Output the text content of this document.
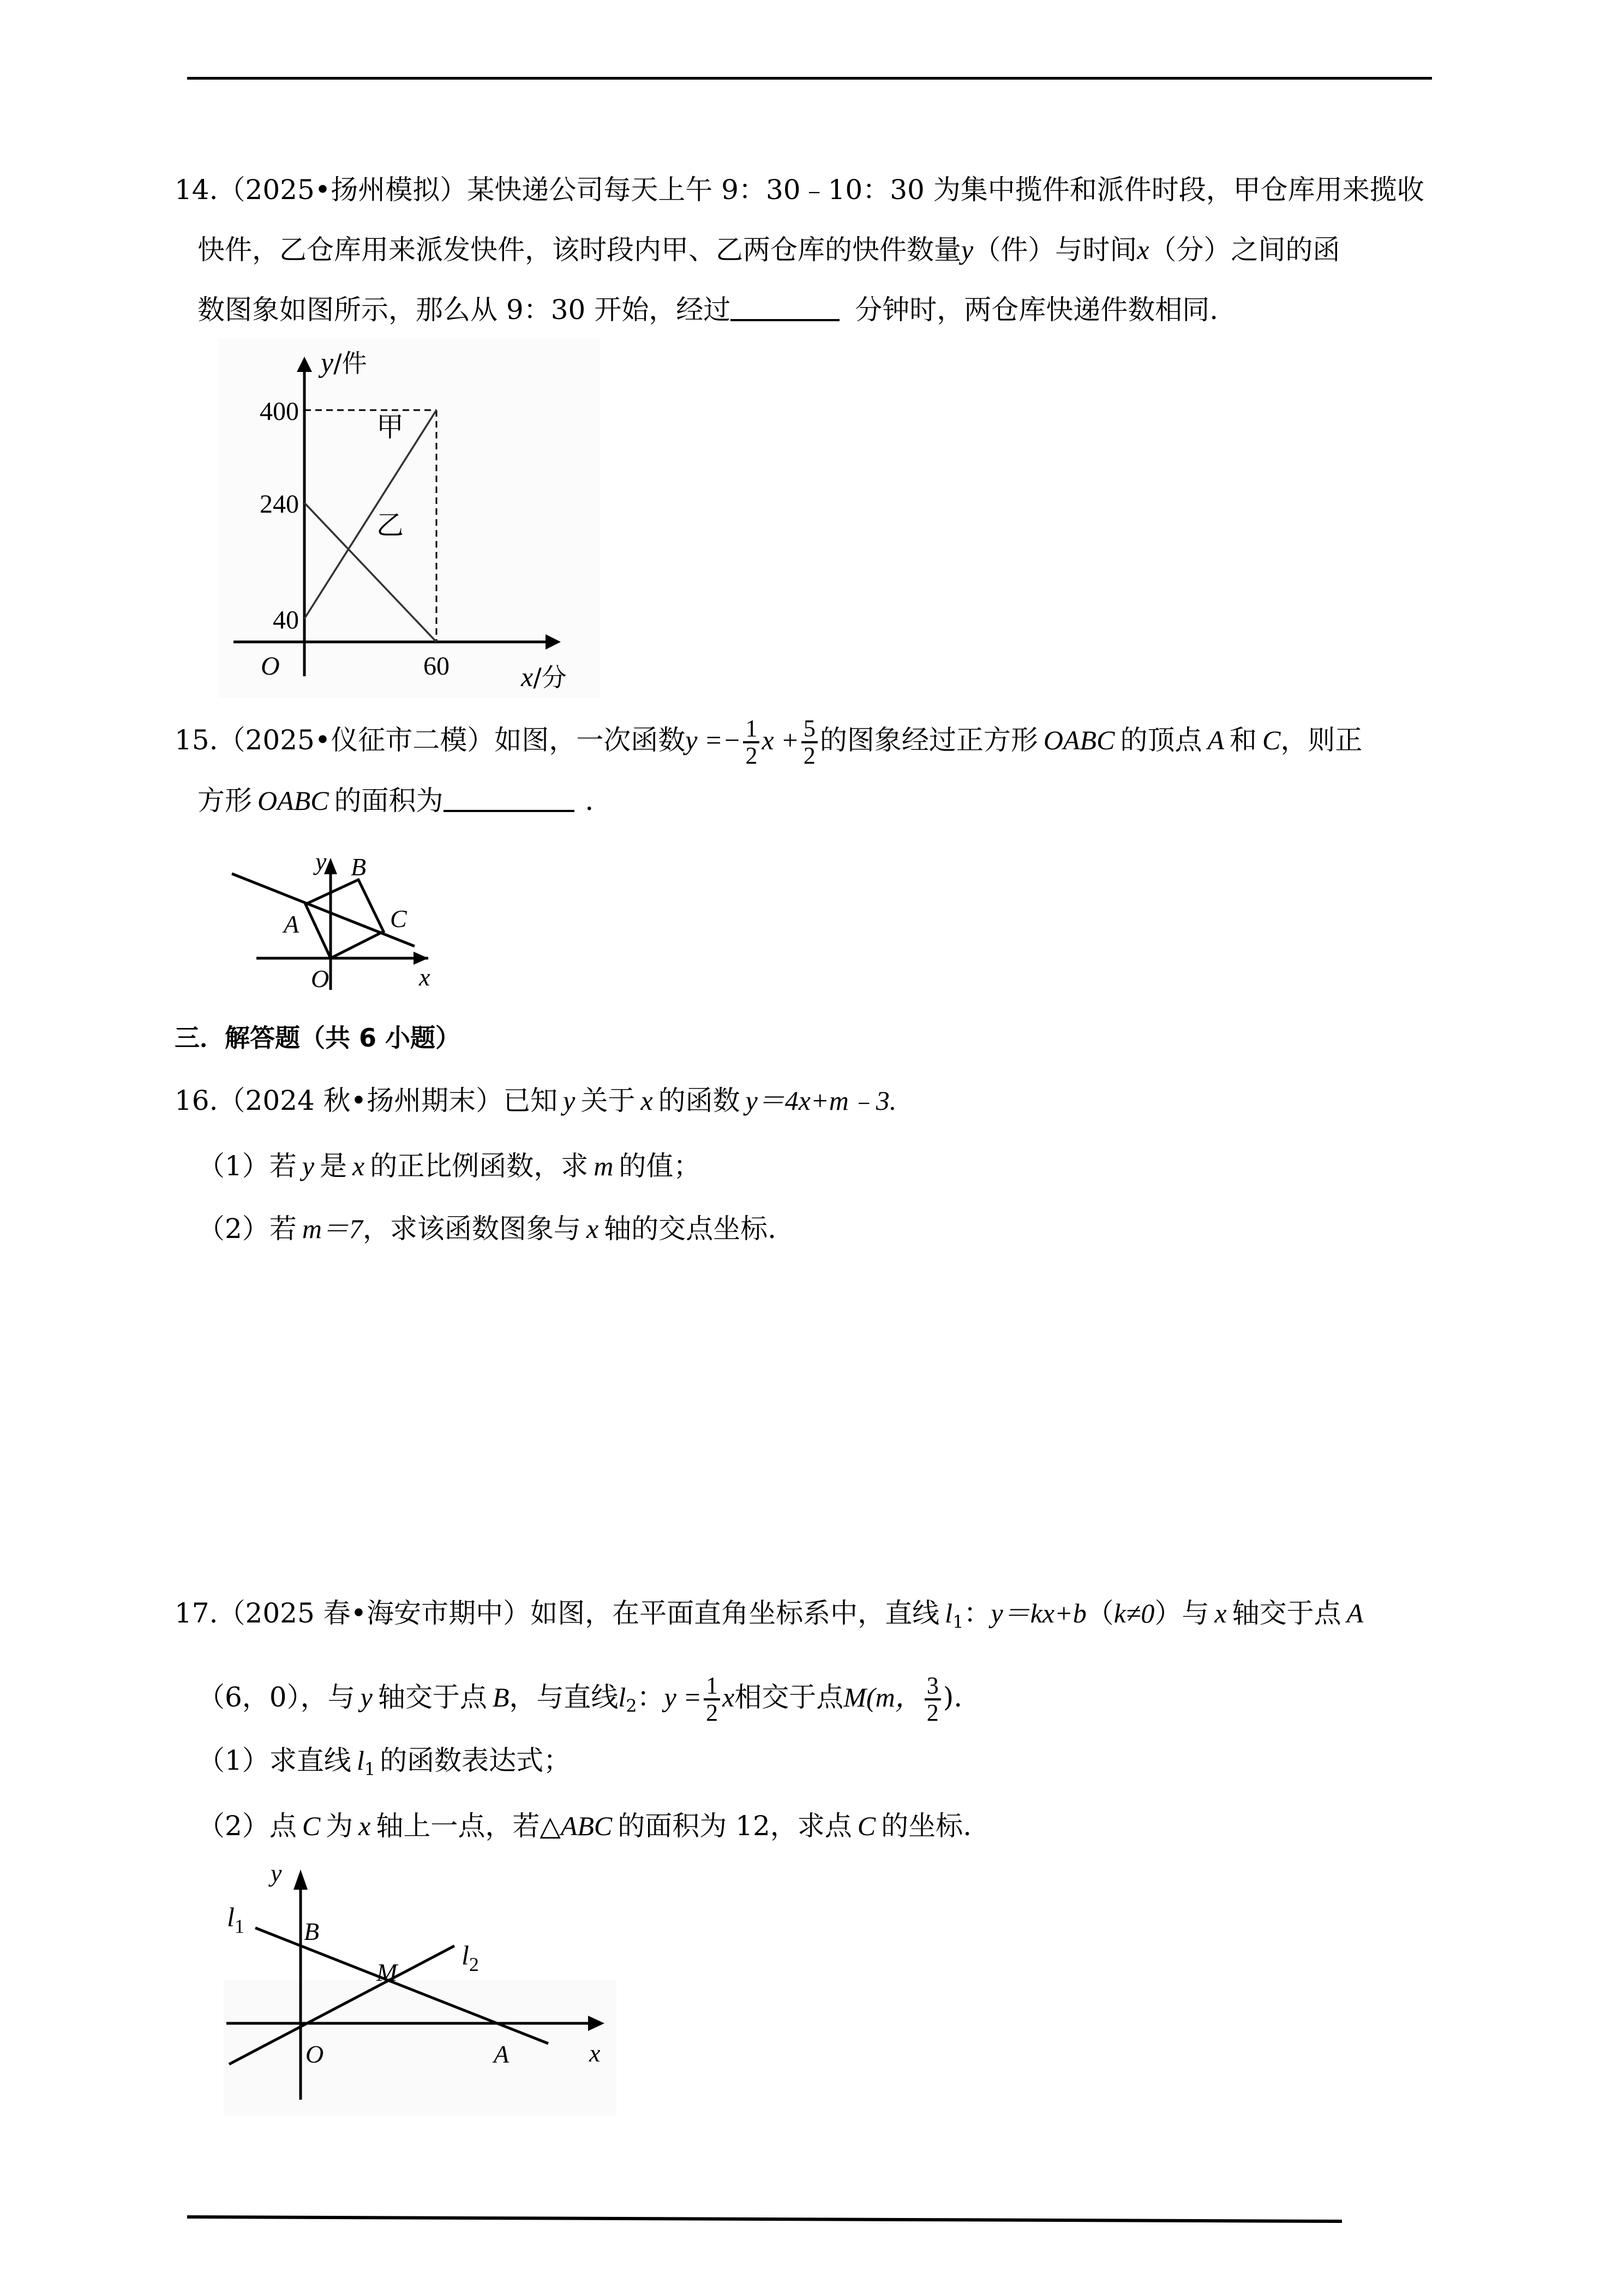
14.（2025•扬州模拟）某快递公司每天上午 9：30﹣10：30 为集中揽件和派件时段，甲仓库用来揽收
快件，乙仓库用来派发快件，该时段内甲、乙两仓库的快件数量y（件）与时间x（分）之间的函
数图象如图所示，那么从 9：30 开始，经过	分钟时，两仓库快递件数相同.
40
240
400
60
y/件
x/分
O
甲
乙
15.（2025•仪征市二模）如图，一次函数$y =- \frac{1}{2}$ $x + \frac{5}{2}$ 的图象经过正方形 OABC 的顶点 A 和 C，则正
方形 OABC 的面积为	．
y B
A	C
O	x
三．解答题（共 6 小题）
16.（2024 秋•扬州期末）已知 y 关于 x 的函数 y＝4x+m﹣3.
（1）若 y 是 x 的正比例函数，求 m 的值；
（2）若 m＝7，求该函数图象与 x 轴的交点坐标.
17.（2025 春•海安市期中）如图，在平面直角坐标系中，直线 $l_1$：y＝kx+b（k≠0）与 x 轴交于点 A
（6，0），与 y 轴交于点 B，与直线$l_2$：$y = \frac{1}{2}$ x相交于点M(m， $\frac{3}{2}$ ).
（1）求直线 $l_1$ 的函数表达式；
（2）点 C 为 x 轴上一点，若△ABC 的面积为 12，求点 C 的坐标.
y
$l_1$ B
M
$l_2$
O	A	x
